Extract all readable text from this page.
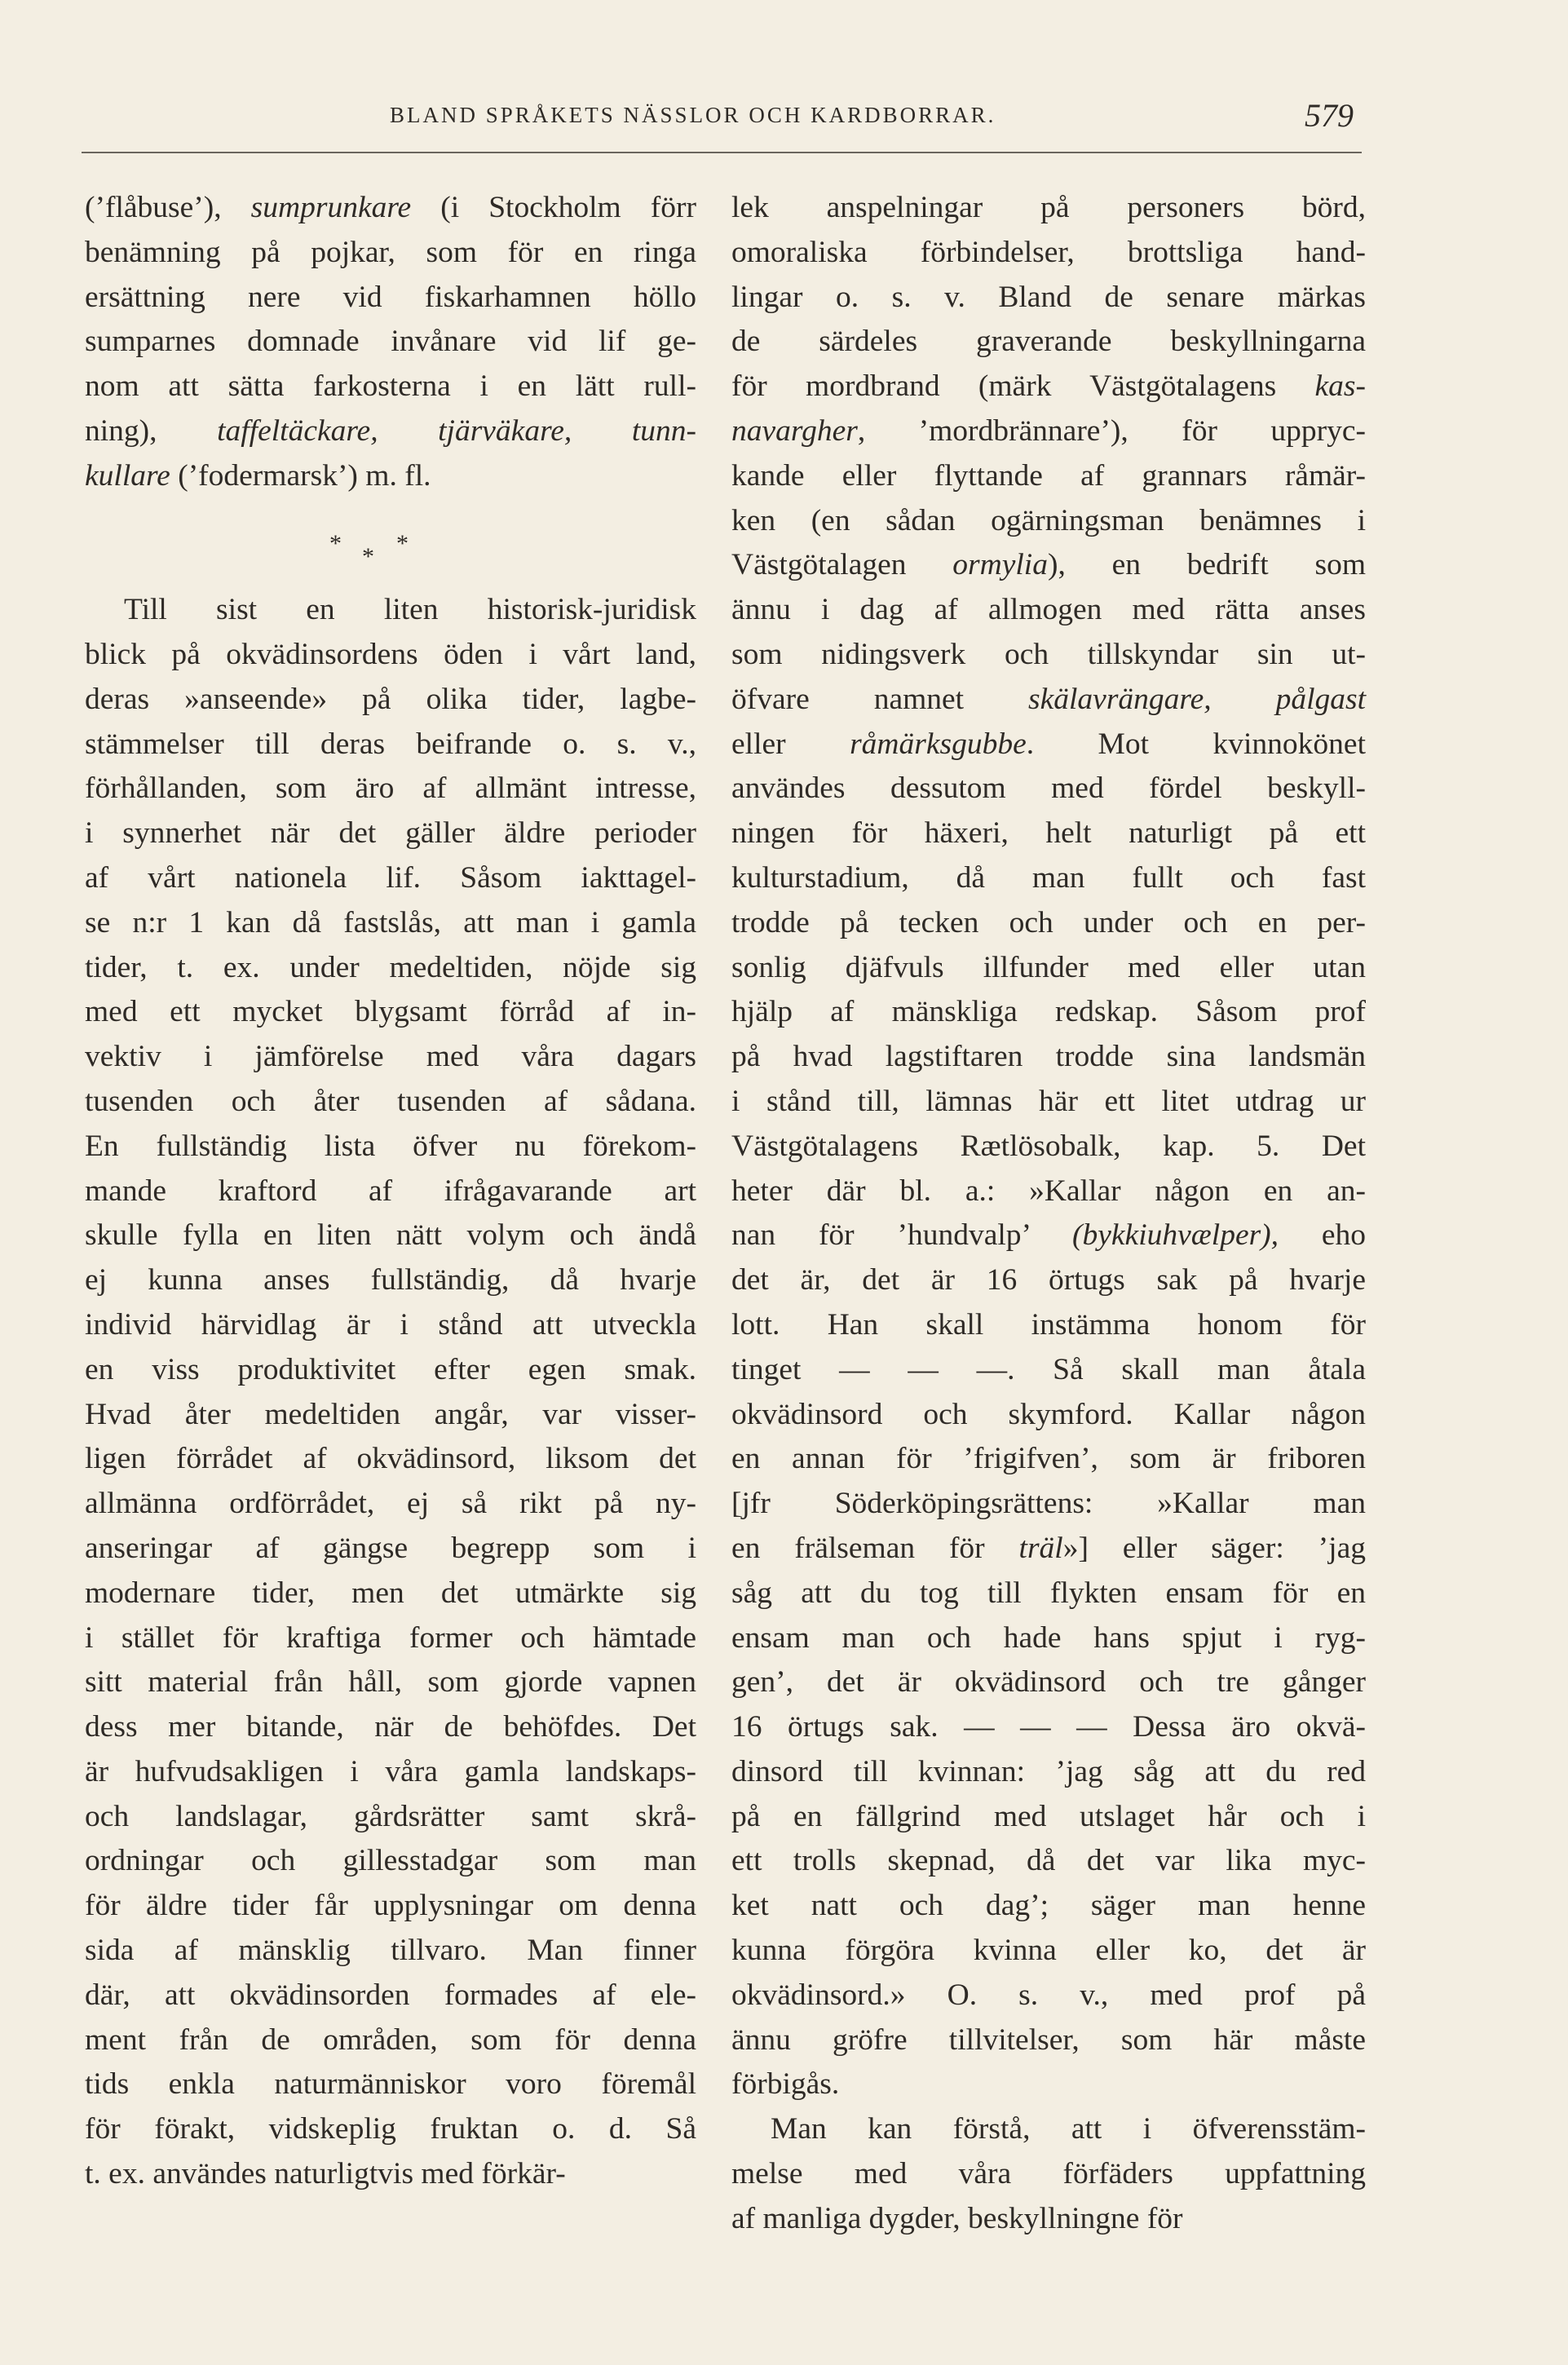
BLAND SPRÅKETS NÄSSLOR OCH KARDBORRAR.	579
(’flåbuse’), sumprunkare (i Stockholm förr
benämning på pojkar, som för en ringa
ersättning nere vid fiskarhamnen höllo
sumparnes domnade invånare vid lif ge-
nom att sätta farkosterna i en lätt rull-
ning), taffeltäckare, tjärväkare, tunn-
kullare (’fodermarsk’) m. fl.
* * *
Till sist en liten historisk-juridisk
blick på okvädinsordens öden i vårt land,
deras »anseende» på olika tider, lagbe-
stämmelser till deras beifrande o. s. v.,
förhållanden, som äro af allmänt intresse,
i synnerhet när det gäller äldre perioder
af vårt nationela lif. Såsom iakttagel-
se n:r 1 kan då fastslås, att man i gamla
tider, t. ex. under medeltiden, nöjde sig
med ett mycket blygsamt förråd af in-
vektiv i jämförelse med våra dagars
tusenden och åter tusenden af sådana.
En fullständig lista öfver nu förekom-
mande kraftord af ifrågavarande art
skulle fylla en liten nätt volym och ändå
ej kunna anses fullständig, då hvarje
individ härvidlag är i stånd att utveckla
en viss produktivitet efter egen smak.
Hvad åter medeltiden angår, var visser-
ligen förrådet af okvädinsord, liksom det
allmänna ordförrådet, ej så rikt på ny-
anseringar af gängse begrepp som i
modernare tider, men det utmärkte sig
i stället för kraftiga former och hämtade
sitt material från håll, som gjorde vapnen
dess mer bitande, när de behöfdes. Det
är hufvudsakligen i våra gamla landskaps-
och landslagar, gårdsrätter samt skrå-
ordningar och gillesstadgar som man
för äldre tider får upplysningar om denna
sida af mänsklig tillvaro. Man finner
där, att okvädinsorden formades af ele-
ment från de områden, som för denna
tids enkla naturmänniskor voro föremål
för förakt, vidskeplig fruktan o. d. Så
t. ex. användes naturligtvis med förkär-
lek anspelningar på personers börd,
omoraliska förbindelser, brottsliga hand-
lingar o. s. v. Bland de senare märkas
de särdeles graverande beskyllningarna
för mordbrand (märk Västgötalagens kas-
navargher, ’mordbrännare’), för uppryc-
kande eller flyttande af grannars råmär-
ken (en sådan ogärningsman benämnes i
Västgötalagen ormylia), en bedrift som
ännu i dag af allmogen med rätta anses
som nidingsverk och tillskyndar sin ut-
öfvare namnet skälavrängare, pålgast
eller råmärksgubbe. Mot kvinnokönet
användes dessutom med fördel beskyll-
ningen för häxeri, helt naturligt på ett
kulturstadium, då man fullt och fast
trodde på tecken och under och en per-
sonlig djäfvuls illfunder med eller utan
hjälp af mänskliga redskap. Såsom prof
på hvad lagstiftaren trodde sina landsmän
i stånd till, lämnas här ett litet utdrag ur
Västgötalagens Rætlösobalk, kap. 5. Det
heter där bl. a.: »Kallar någon en an-
nan för ’hundvalp’ (bykkiuhvælper), eho
det är, det är 16 örtugs sak på hvarje
lott. Han skall instämma honom för
tinget — — —. Så skall man åtala
okvädinsord och skymford. Kallar någon
en annan för ’frigifven’, som är friboren
[jfr Söderköpingsrättens: »Kallar man
en frälseman för träl»] eller säger: ’jag
såg att du tog till flykten ensam för en
ensam man och hade hans spjut i ryg-
gen’, det är okvädinsord och tre gånger
16 örtugs sak. — — — Dessa äro okvä-
dinsord till kvinnan: ’jag såg att du red
på en fällgrind med utslaget hår och i
ett trolls skepnad, då det var lika myc-
ket natt och dag’; säger man henne
kunna förgöra kvinna eller ko, det är
okvädinsord.» O. s. v., med prof på
ännu gröfre tillvitelser, som här måste
förbigås.
Man kan förstå, att i öfverensstäm-
melse med våra förfäders uppfattning
af manliga dygder, beskyllningne för
